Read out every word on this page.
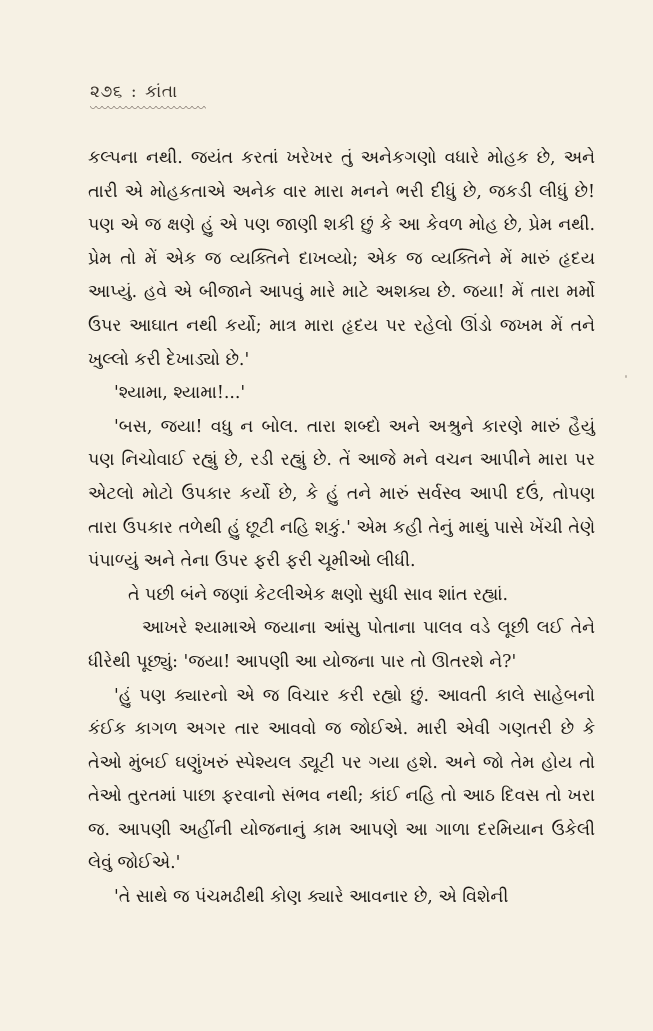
૨૭૬ : કાંતા

કલ્પના નથી. જયંત કરતાં ખરેખર તું અનેકગણો વધારે મોહક છે, અને તારી એ મોહકતાએ અનેક વાર મારા મનને ભરી દીધું છે, જકડી લીધું છે! પણ એ જ ક્ષણે હું એ પણ જાણી શકી છું કે આ કેવળ મોહ છે, પ્રેમ નથી. પ્રેમ તો મેં એક જ વ્યક્તિને દાખવ્યો; એક જ વ્યક્તિને મેં મારું હૃદય આપ્યું. હવે એ બીજાને આપવું મારે માટે અશક્ય છે. જયા! મેં તારા મર્મો ઉપર આઘાત નથી કર્યો; માત્ર મારા હૃદય પર રહેલો ઊંડો જખમ મેં તને ખુલ્લો કરી દેખાડ્યો છે.'

'શ્યામા, શ્યામા!...'

'બસ, જયા! વધુ ન બોલ. તારા શબ્દો અને અશ્રુને કારણે મારું હૈયું પણ નિચોવાઈ રહ્યું છે, રડી રહ્યું છે. તેં આજે મને વચન આપીને મારા પર એટલો મોટો ઉપકાર કર્યો છે, કે હું તને મારું સર્વસ્વ આપી દઉં, તોપણ તારા ઉપકાર તળેથી હું છૂટી નહિ શકું.' એમ કહી તેનું માથું પાસે ખેંચી તેણે પંપાળ્યું અને તેના ઉપર ફરી ફરી ચૂમીઓ લીધી.

તે પછી બંને જણાં કેટલીએક ક્ષણો સુધી સાવ શાંત રહ્યાં.

આખરે શ્યામાએ જયાના આંસુ પોતાના પાલવ વડે લૂછી લઈ તેને ધીરેથી પૂછ્યું: 'જયા! આપણી આ યોજના પાર તો ઊતરશે ને?'

'હું પણ ક્યારનો એ જ વિચાર કરી રહ્યો છું. આવતી કાલે સાહેબનો કંઈક કાગળ અગર તાર આવવો જ જોઈએ. મારી એવી ગણતરી છે કે તેઓ મુંબઈ ઘણુંખરું સ્પેશ્યલ ડ્યૂટી પર ગયા હશે. અને જો તેમ હોય તો તેઓ તુરતમાં પાછા ફરવાનો સંભવ નથી; કાંઈ નહિ તો આઠ દિવસ તો ખરા જ. આપણી અહીંની યોજનાનું કામ આપણે આ ગાળા દરમિયાન ઉકેલી લેવું જોઈએ.'

'તે સાથે જ પંચમઢીથી કોણ ક્યારે આવનાર છે, એ વિશેની
